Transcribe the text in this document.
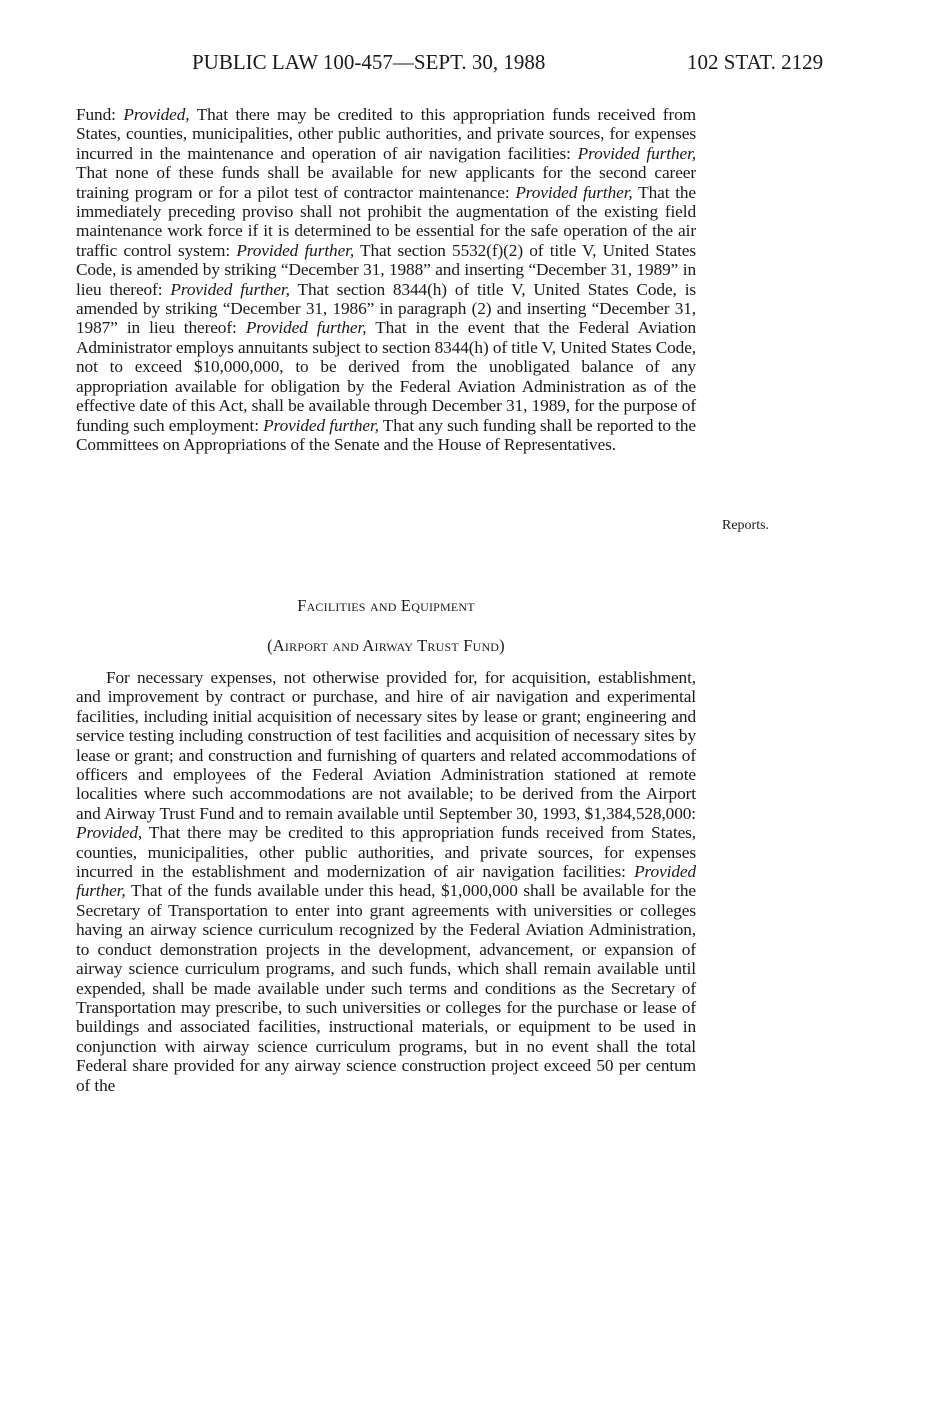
PUBLIC LAW 100-457—SEPT. 30, 1988	102 STAT. 2129

Fund: Provided, That there may be credited to this appropriation funds received from States, counties, municipalities, other public authorities, and private sources, for expenses incurred in the maintenance and operation of air navigation facilities: Provided further, That none of these funds shall be available for new applicants for the second career training program or for a pilot test of contractor maintenance: Provided further, That the immediately preceding proviso shall not prohibit the augmentation of the existing field maintenance work force if it is determined to be essential for the safe operation of the air traffic control system: Provided further, That section 5532(f)(2) of title V, United States Code, is amended by striking “December 31, 1988” and inserting “December 31, 1989” in lieu thereof: Provided further, That section 8344(h) of title V, United States Code, is amended by striking “December 31, 1986” in paragraph (2) and inserting “December 31, 1987” in lieu thereof: Provided further, That in the event that the Federal Aviation Administrator employs annuitants subject to section 8344(h) of title V, United States Code, not to exceed $10,000,000, to be derived from the unobligated balance of any appropriation available for obligation by the Federal Aviation Administration as of the effective date of this Act, shall be available through December 31, 1989, for the purpose of funding such employment: Provided further, That any such funding shall be reported to the Committees on Appropriations of the Senate and the House of Representatives.

Reports.
Facilities and Equipment
(Airport and Airway Trust Fund)

For necessary expenses, not otherwise provided for, for acquisition, establishment, and improvement by contract or purchase, and hire of air navigation and experimental facilities, including initial acquisition of necessary sites by lease or grant; engineering and service testing including construction of test facilities and acquisition of necessary sites by lease or grant; and construction and furnishing of quarters and related accommodations of officers and employees of the Federal Aviation Administration stationed at remote localities where such accommodations are not available; to be derived from the Airport and Airway Trust Fund and to remain available until September 30, 1993, $1,384,528,000: Provided, That there may be credited to this appropriation funds received from States, counties, municipalities, other public authorities, and private sources, for expenses incurred in the establishment and modernization of air navigation facilities: Provided further, That of the funds available under this head, $1,000,000 shall be available for the Secretary of Transportation to enter into grant agreements with universities or colleges having an airway science curriculum recognized by the Federal Aviation Administration, to conduct demonstration projects in the development, advancement, or expansion of airway science curriculum programs, and such funds, which shall remain available until expended, shall be made available under such terms and conditions as the Secretary of Transportation may prescribe, to such universities or colleges for the purchase or lease of buildings and associated facilities, instructional materials, or equipment to be used in conjunction with airway science curriculum programs, but in no event shall the total Federal share provided for any airway science construction project exceed 50 per centum of the
